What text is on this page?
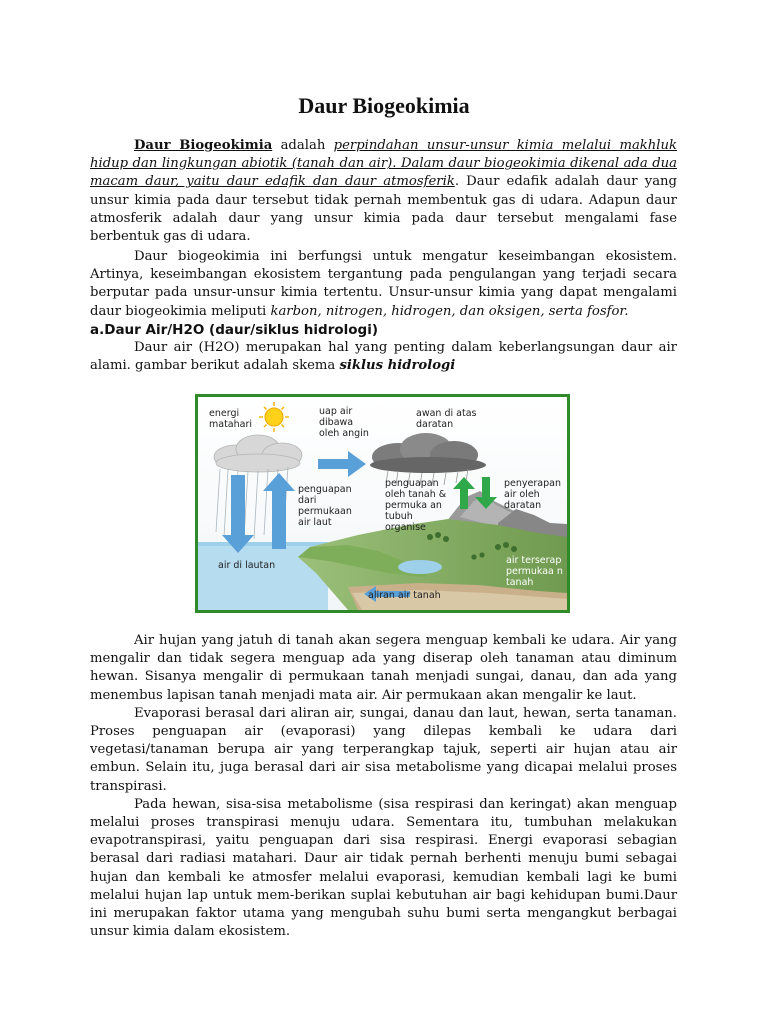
Daur Biogeokimia

Daur Biogeokimia adalah perpindahan unsur-unsur kimia melalui makhluk hidup dan lingkungan abiotik (tanah dan air). Dalam daur biogeokimia dikenal ada dua macam daur, yaitu daur edafik dan daur atmosferik. Daur edafik adalah daur yang unsur kimia pada daur tersebut tidak pernah membentuk gas di udara. Adapun daur atmosferik adalah daur yang unsur kimia pada daur tersebut mengalami fase berbentuk gas di udara.

Daur biogeokimia ini berfungsi untuk mengatur keseimbangan ekosistem. Artinya, keseimbangan ekosistem tergantung pada pengulangan yang terjadi secara berputar pada unsur-unsur kimia tertentu. Unsur-unsur kimia yang dapat mengalami daur biogeokimia meliputi karbon, nitrogen, hidrogen, dan oksigen, serta fosfor.

a.Daur Air/H2O (daur/siklus hidrologi)

Daur air (H2O) merupakan hal yang penting dalam keberlangsungan daur air alami. gambar berikut adalah skema siklus hidrologi

energi matahari
uap air dibawa oleh angin
awan di atas daratan
penguapan dari permukaan air laut
penguapan oleh tanah & permuka an tubuh organise
penyerapan air oleh daratan
air di lautan	air terserap permukaa n tanah
aliran air tanah

Air hujan yang jatuh di tanah akan segera menguap kembali ke udara. Air yang mengalir dan tidak segera menguap ada yang diserap oleh tanaman atau diminum hewan. Sisanya mengalir di permukaan tanah menjadi sungai, danau, dan ada yang menembus lapisan tanah menjadi mata air. Air permukaan akan mengalir ke laut.

Evaporasi berasal dari aliran air, sungai, danau dan laut, hewan, serta tanaman. Proses penguapan air (evaporasi) yang dilepas kembali ke udara dari vegetasi/tanaman berupa air yang terperangkap tajuk, seperti air hujan atau air embun. Selain itu, juga berasal dari air sisa metabolisme yang dicapai melalui proses transpirasi.

Pada hewan, sisa-sisa metabolisme (sisa respirasi dan keringat) akan menguap melalui proses transpirasi menuju udara. Sementara itu, tumbuhan melakukan evapotranspirasi, yaitu penguapan dari sisa respirasi. Energi evaporasi sebagian berasal dari radiasi matahari. Daur air tidak pernah berhenti menuju bumi sebagai hujan dan kembali ke atmosfer melalui evaporasi, kemudian kembali lagi ke bumi melalui hujan lap untuk mem-berikan suplai kebutuhan air bagi kehidupan bumi.Daur ini merupakan faktor utama yang mengubah suhu bumi serta mengangkut berbagai unsur kimia dalam ekosistem.
